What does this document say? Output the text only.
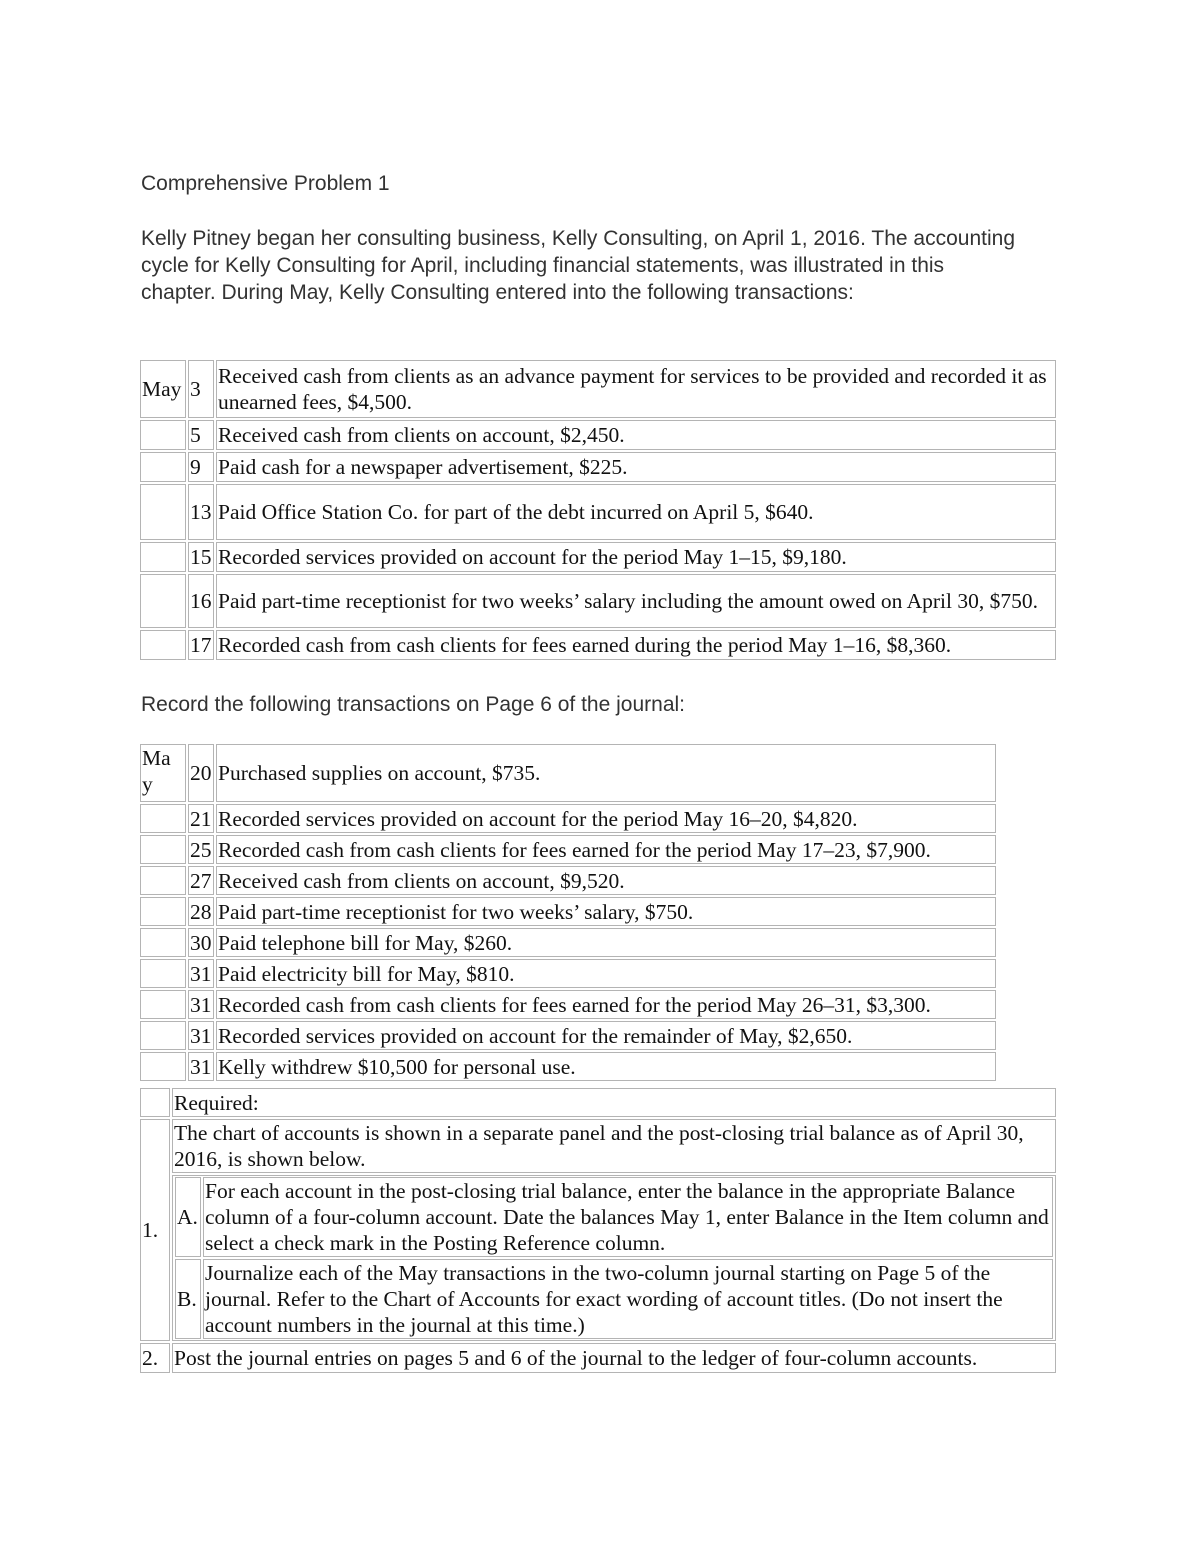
Comprehensive Problem 1
Kelly Pitney began her consulting business, Kelly Consulting, on April 1, 2016. The accounting cycle for Kelly Consulting for April, including financial statements, was illustrated in this chapter. During May, Kelly Consulting entered into the following transactions:
May	3	Received cash from clients as an advance payment for services to be provided and recorded it as unearned fees, $4,500.
	5	Received cash from clients on account, $2,450.
	9	Paid cash for a newspaper advertisement, $225.
	13	Paid Office Station Co. for part of the debt incurred on April 5, $640.
	15	Recorded services provided on account for the period May 1–15, $9,180.
	16	Paid part-time receptionist for two weeks’ salary including the amount owed on April 30, $750.
	17	Recorded cash from cash clients for fees earned during the period May 1–16, $8,360.
Record the following transactions on Page 6 of the journal:
Ma y	20	Purchased supplies on account, $735.
	21	Recorded services provided on account for the period May 16–20, $4,820.
	25	Recorded cash from cash clients for fees earned for the period May 17–23, $7,900.
	27	Received cash from clients on account, $9,520.
	28	Paid part-time receptionist for two weeks’ salary, $750.
	30	Paid telephone bill for May, $260.
	31	Paid electricity bill for May, $810.
	31	Recorded cash from cash clients for fees earned for the period May 26–31, $3,300.
	31	Recorded services provided on account for the remainder of May, $2,650.
	31	Kelly withdrew $10,500 for personal use.
	Required:
1.	The chart of accounts is shown in a separate panel and the post-closing trial balance as of April 30, 2016, is shown below.

A.	For each account in the post-closing trial balance, enter the balance in the appropriate Balance column of a four-column account. Date the balances May 1, enter Balance in the Item column and select a check mark in the Posting Reference column.
B.	Journalize each of the May transactions in the two-column journal starting on Page 5 of the journal. Refer to the Chart of Accounts for exact wording of account titles. (Do not insert the account numbers in the journal at this time.)

2.	Post the journal entries on pages 5 and 6 of the journal to the ledger of four-column accounts.
